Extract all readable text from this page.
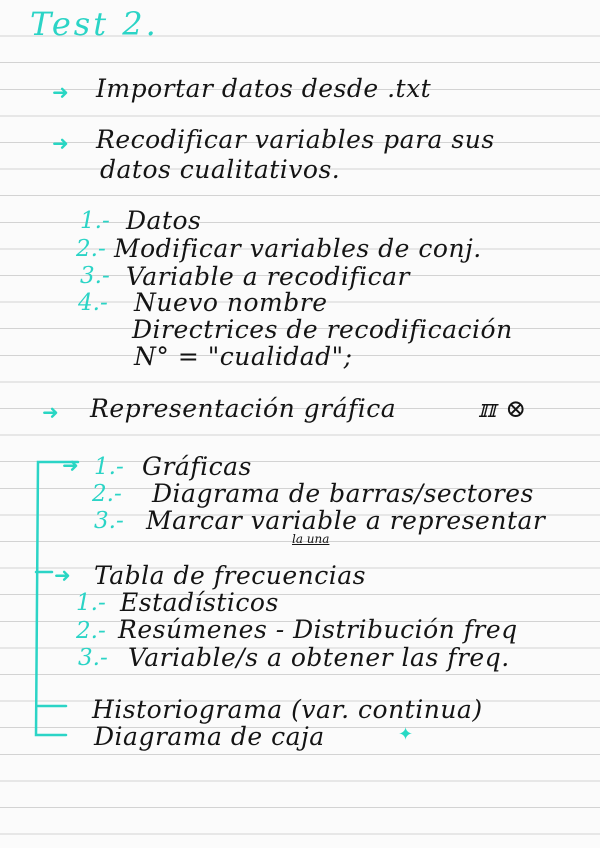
Test 2.
➜ Importar datos desde .txt
➜ Recodificar variables para sus
datos cualitativos.
1.- Datos
2.- Modificar variables de conj.
3.- Variable a recodificar
4.- Nuevo nombre
Directrices de recodificación
N° = "cualidad";
➜ Representación gráfica	ℼ ⊗
➜
➜
1.- Gráficas
2.- Diagrama de barras/sectores
3.- Marcar variable a representar
la una
Tabla de frecuencias
1.- Estadísticos
2.- Resúmenes - Distribución freq
3.- Variable/s a obtener las freq.
Historiograma (var. continua)
Diagrama de caja	✦
